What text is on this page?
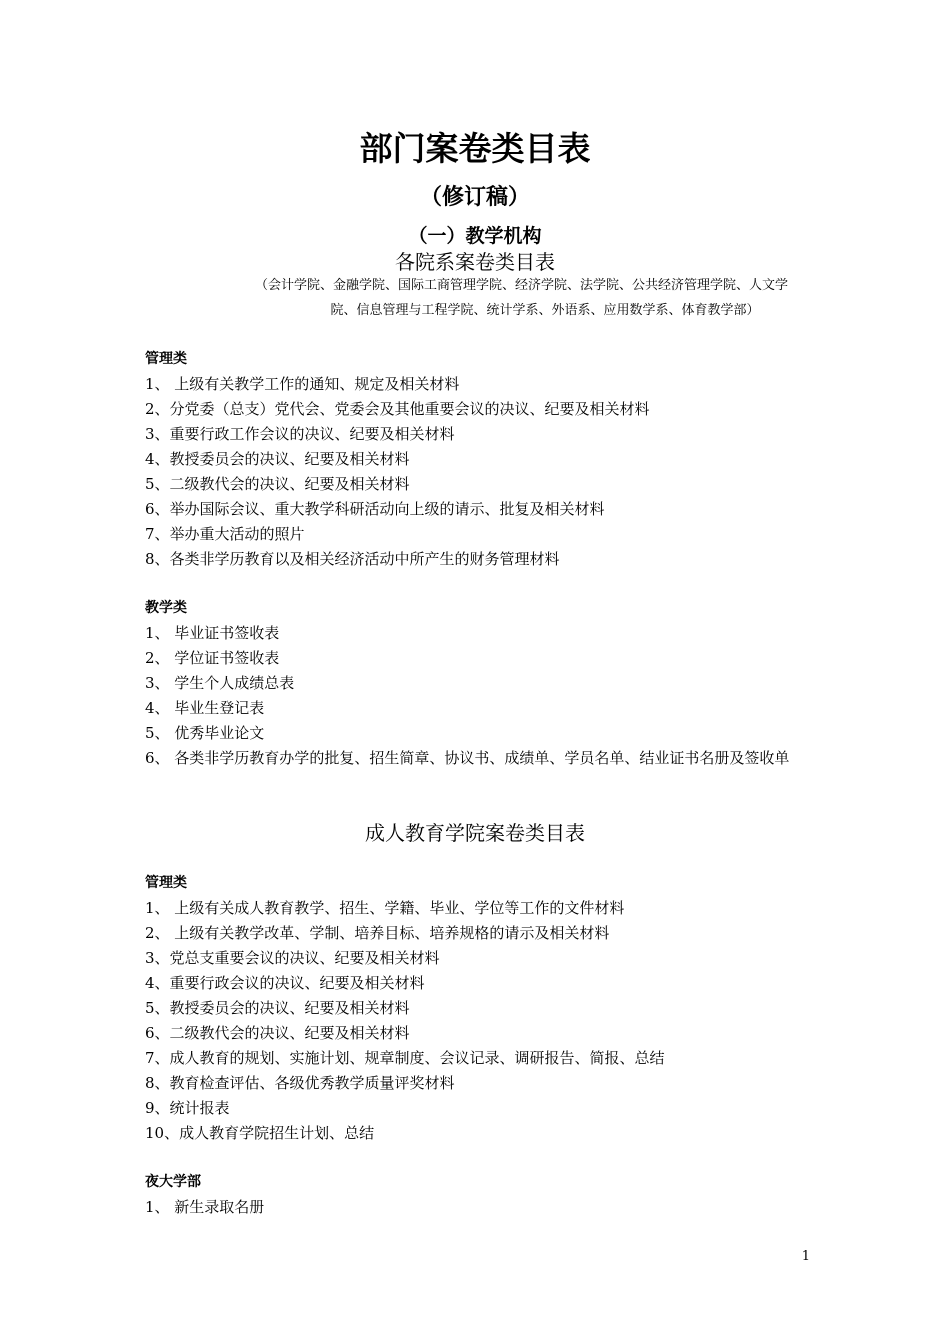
部门案卷类目表
（修订稿）
（一）教学机构
各院系案卷类目表
（会计学院、金融学院、国际工商管理学院、经济学院、法学院、公共经济管理学院、人文学
院、信息管理与工程学院、统计学系、外语系、应用数学系、体育教学部）
管理类
1、 上级有关教学工作的通知、规定及相关材料
2、分党委（总支）党代会、党委会及其他重要会议的决议、纪要及相关材料
3、重要行政工作会议的决议、纪要及相关材料
4、教授委员会的决议、纪要及相关材料
5、二级教代会的决议、纪要及相关材料
6、举办国际会议、重大教学科研活动向上级的请示、批复及相关材料
7、举办重大活动的照片
8、各类非学历教育以及相关经济活动中所产生的财务管理材料
教学类
1、 毕业证书签收表
2、 学位证书签收表
3、 学生个人成绩总表
4、 毕业生登记表
5、 优秀毕业论文
6、 各类非学历教育办学的批复、招生简章、协议书、成绩单、学员名单、结业证书名册及签收单
成人教育学院案卷类目表
管理类
1、 上级有关成人教育教学、招生、学籍、毕业、学位等工作的文件材料
2、 上级有关教学改革、学制、培养目标、培养规格的请示及相关材料
3、党总支重要会议的决议、纪要及相关材料
4、重要行政会议的决议、纪要及相关材料
5、教授委员会的决议、纪要及相关材料
6、二级教代会的决议、纪要及相关材料
7、成人教育的规划、实施计划、规章制度、会议记录、调研报告、简报、总结
8、教育检查评估、各级优秀教学质量评奖材料
9、统计报表
10、成人教育学院招生计划、总结
夜大学部
1、 新生录取名册
1
